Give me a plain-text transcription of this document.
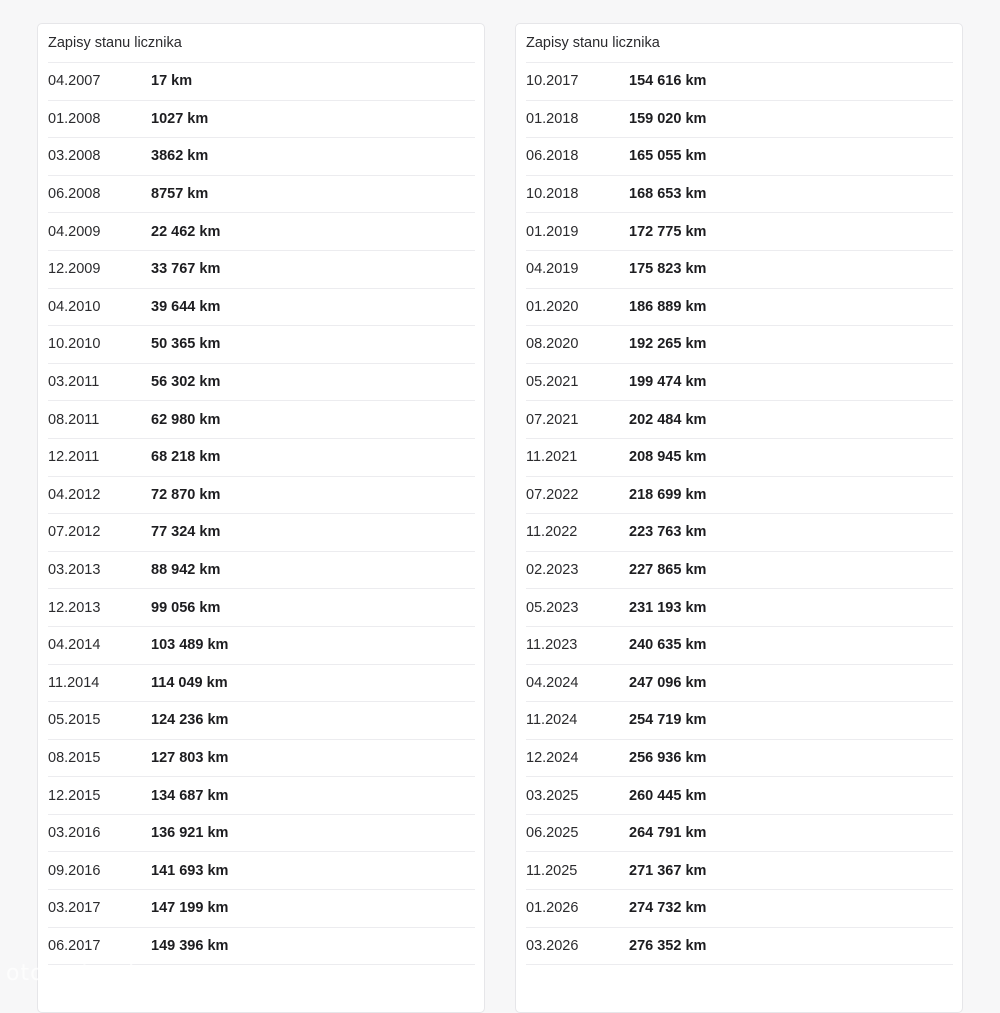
Zapisy stanu licznika
04.2007	17 km
01.2008	1027 km
03.2008	3862 km
06.2008	8757 km
04.2009	22 462 km
12.2009	33 767 km
04.2010	39 644 km
10.2010	50 365 km
03.2011	56 302 km
08.2011	62 980 km
12.2011	68 218 km
04.2012	72 870 km
07.2012	77 324 km
03.2013	88 942 km
12.2013	99 056 km
04.2014	103 489 km
11.2014	114 049 km
05.2015	124 236 km
08.2015	127 803 km
12.2015	134 687 km
03.2016	136 921 km
09.2016	141 693 km
03.2017	147 199 km
06.2017	149 396 km
Zapisy stanu licznika
10.2017	154 616 km
01.2018	159 020 km
06.2018	165 055 km
10.2018	168 653 km
01.2019	172 775 km
04.2019	175 823 km
01.2020	186 889 km
08.2020	192 265 km
05.2021	199 474 km
07.2021	202 484 km
11.2021	208 945 km
07.2022	218 699 km
11.2022	223 763 km
02.2023	227 865 km
05.2023	231 193 km
11.2023	240 635 km
04.2024	247 096 km
11.2024	254 719 km
12.2024	256 936 km
03.2025	260 445 km
06.2025	264 791 km
11.2025	271 367 km
01.2026	274 732 km
03.2026	276 352 km
otomoto.pl
